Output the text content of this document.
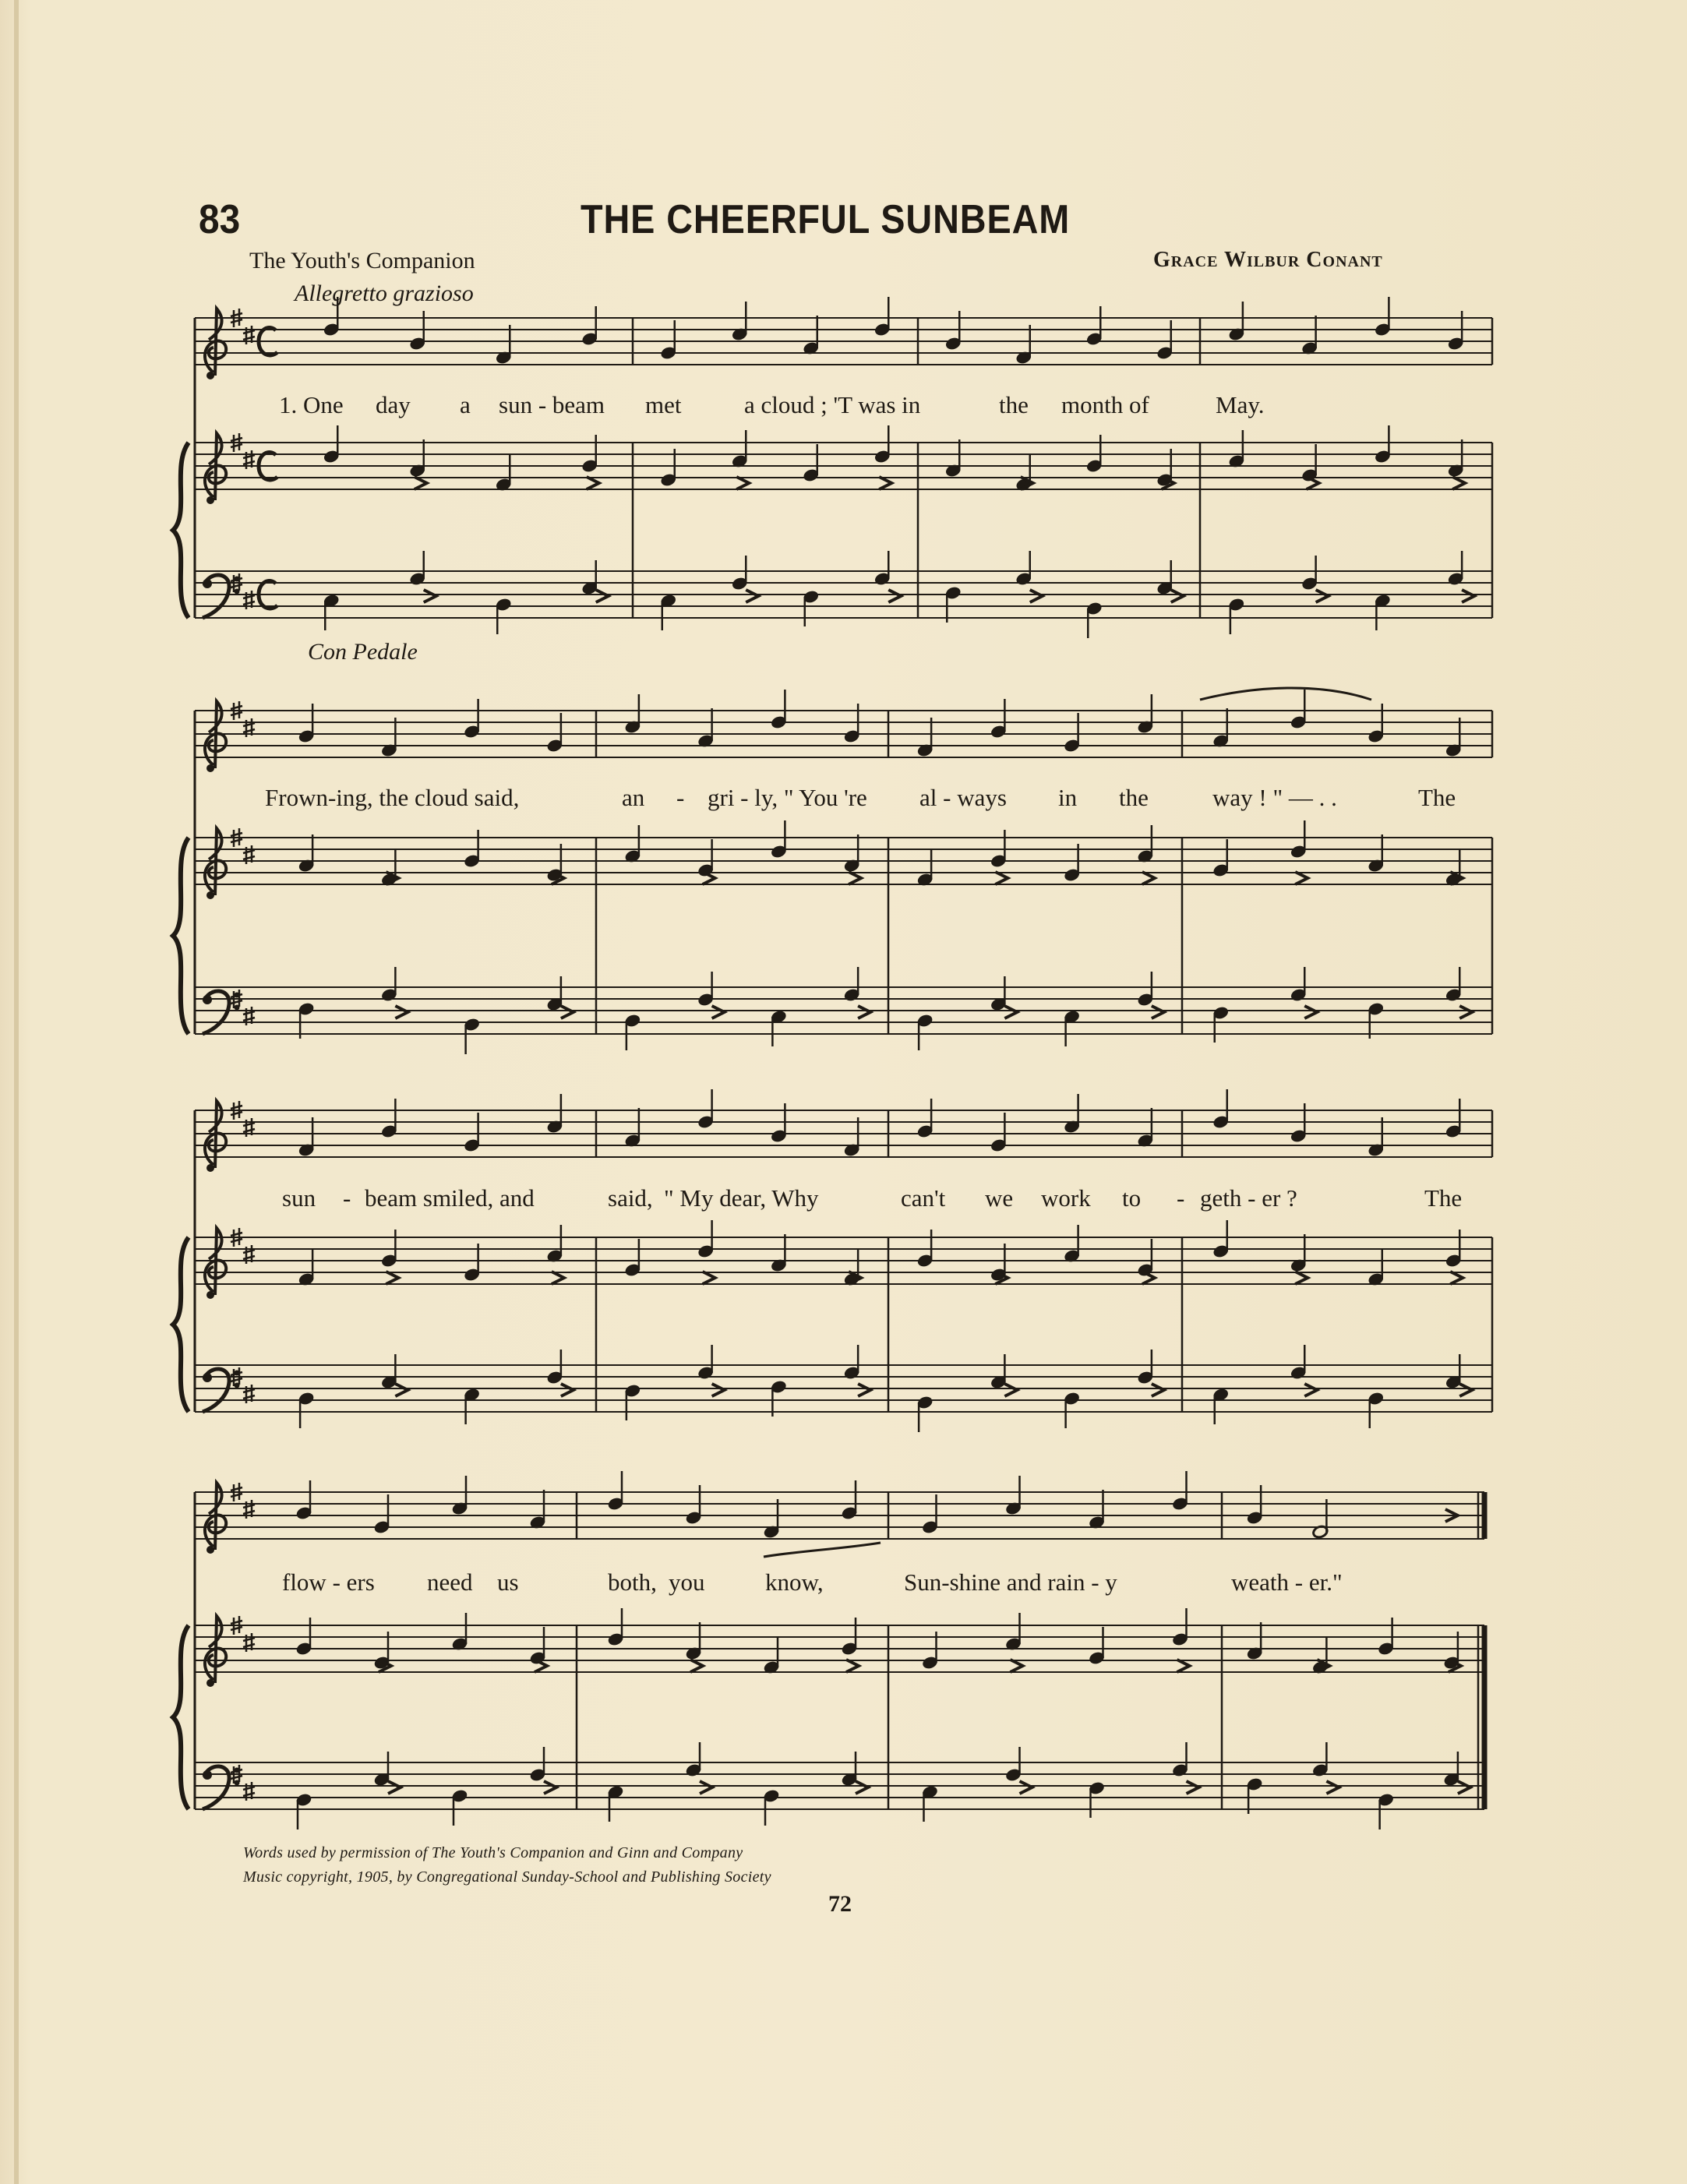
83	THE CHEERFUL SUNBEAM
The Youth's Companion	Grace Wilbur Conant
Allegretto grazioso
Con Pedale
1. One day a sun - beam met	a cloud ; 'T was in	the month of	May.
Frown-ing, the cloud said,	an - gri - ly, " You 're al - ways in the	way ! " — . .	The
sun - beam smiled, and	said, " My dear, Why	can't we work to - geth - er ?	The
flow - ers need us	both, you	know,	Sun-shine and rain - y	weath - er."
Words used by permission of The Youth's Companion and Ginn and Company
Music copyright, 1905, by Congregational Sunday-School and Publishing Society
72
